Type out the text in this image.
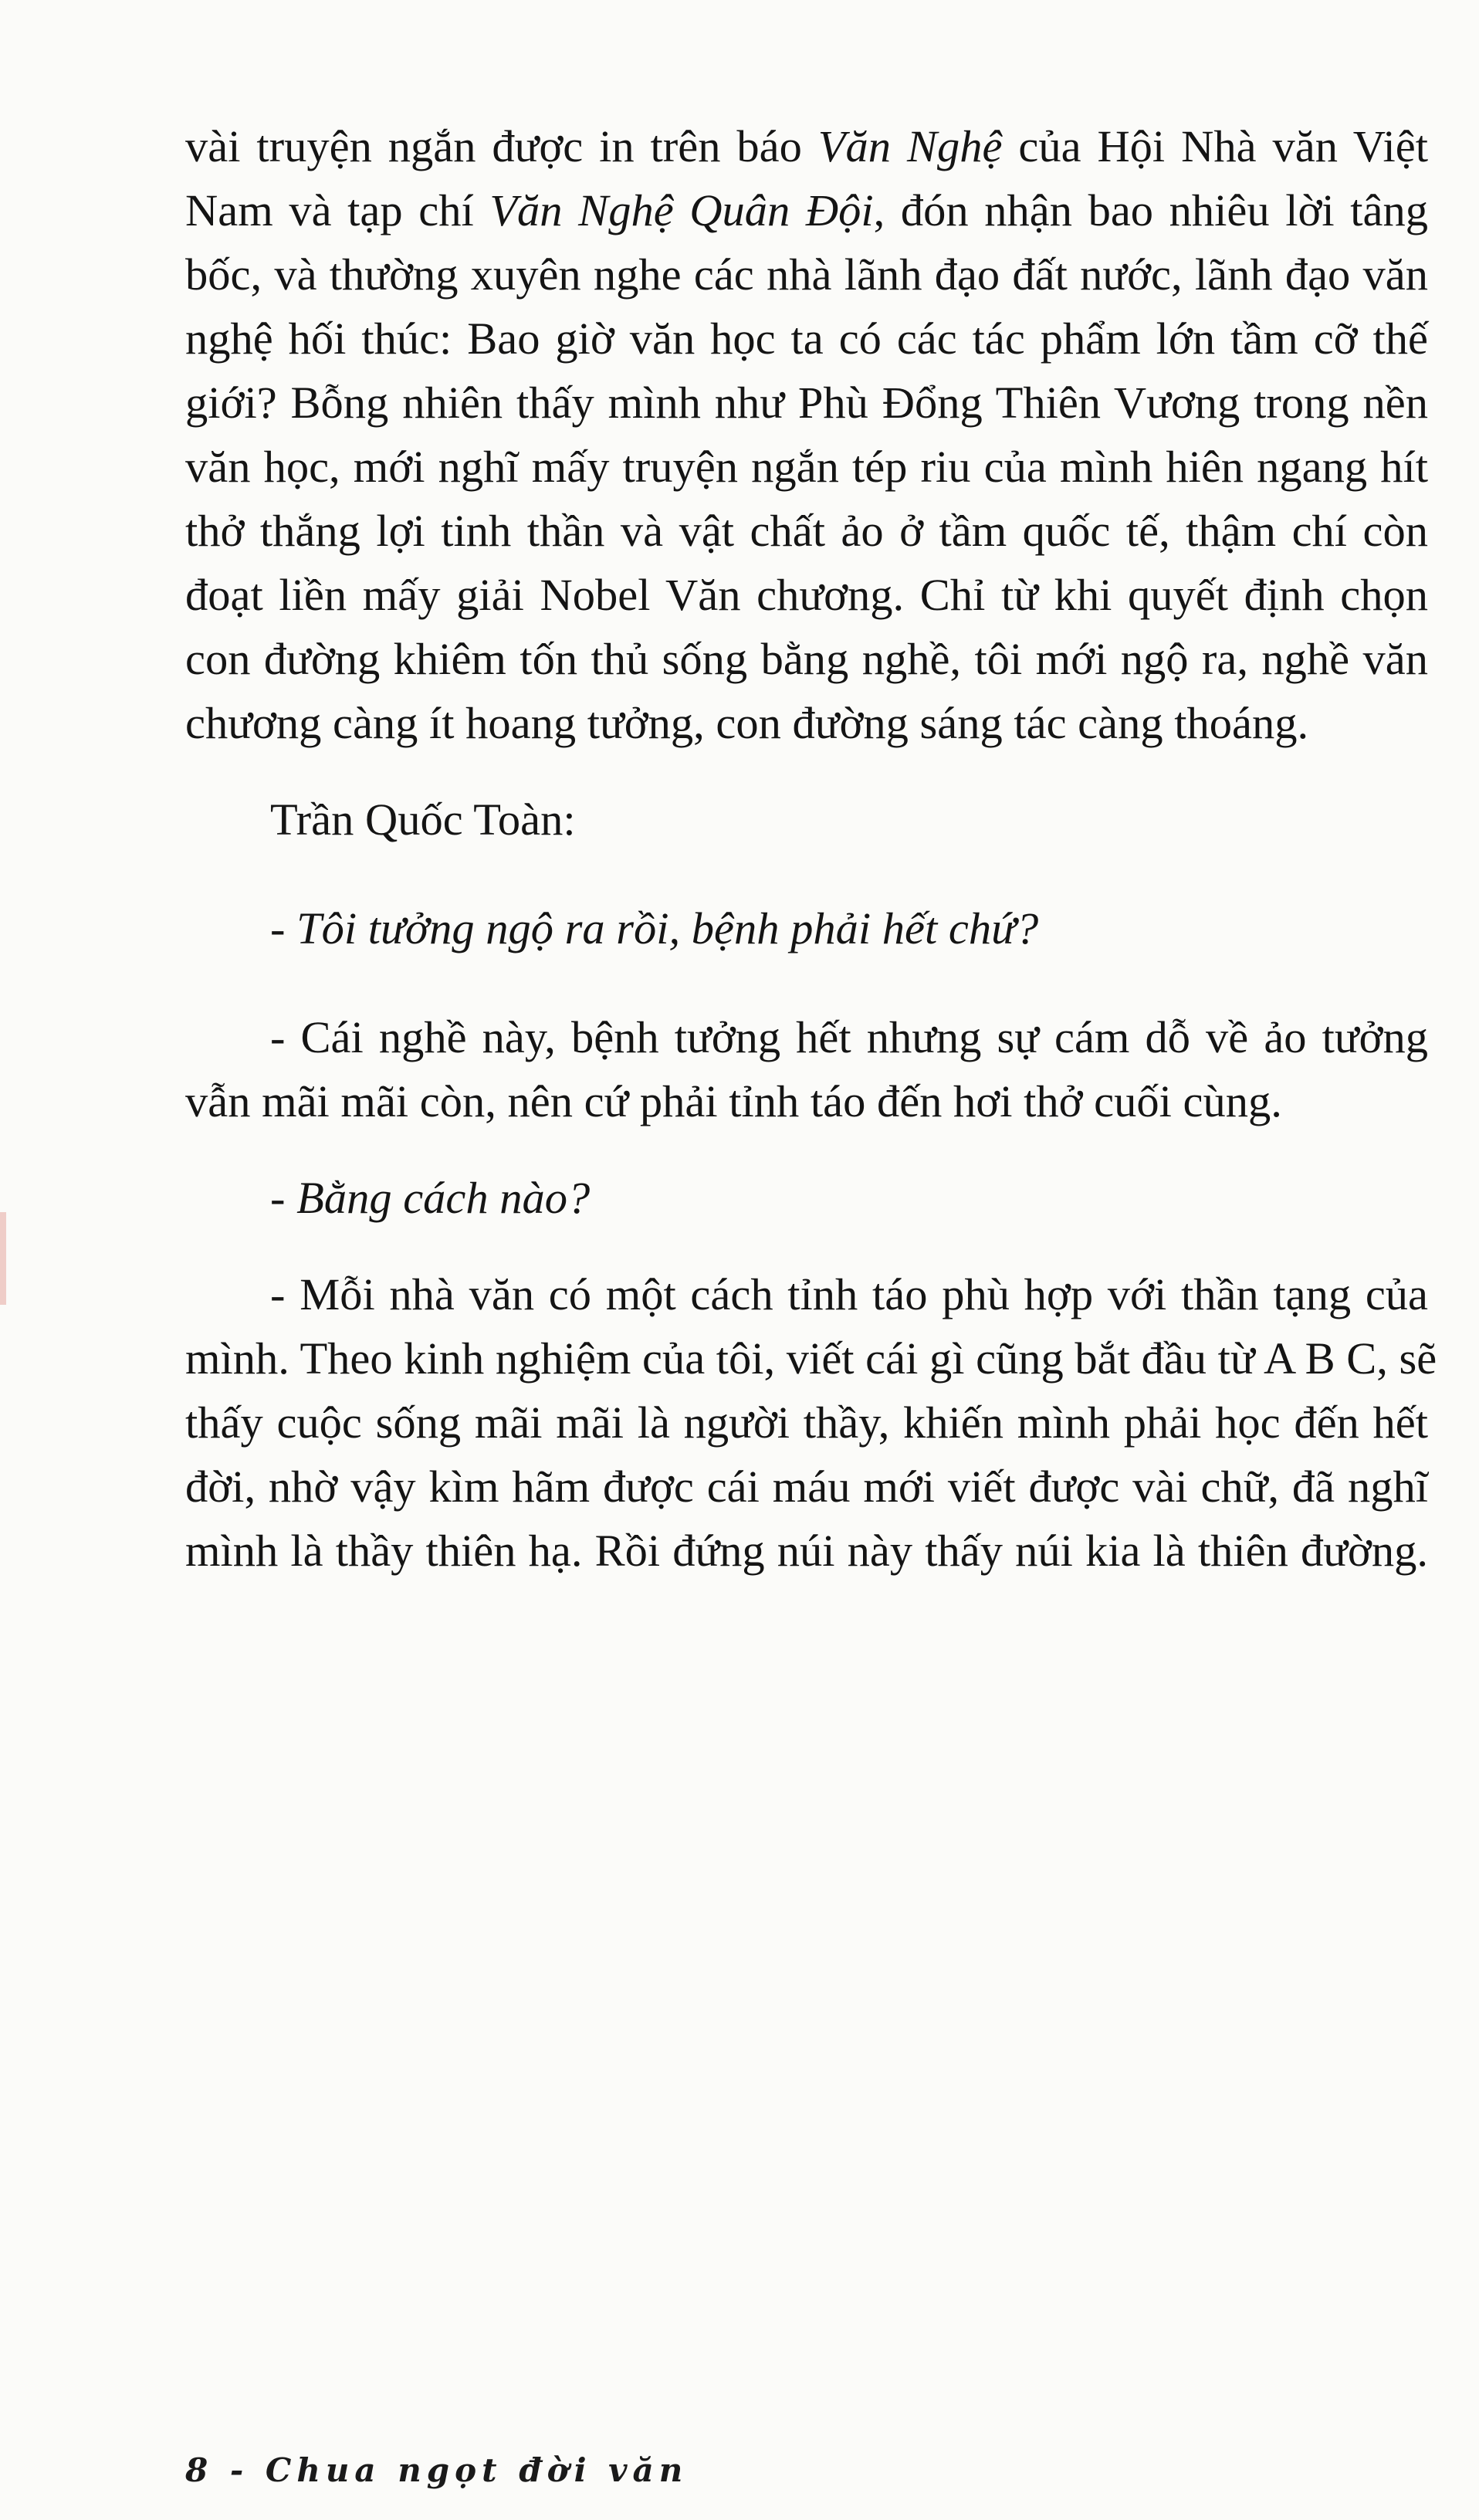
vài truyện ngắn được in trên báo Văn Nghệ của Hội Nhà văn Việt
Nam và tạp chí Văn Nghệ Quân Đội, đón nhận bao nhiêu lời tâng
bốc, và thường xuyên nghe các nhà lãnh đạo đất nước, lãnh đạo văn
nghệ hối thúc: Bao giờ văn học ta có các tác phẩm lớn tầm cỡ thế
giới? Bỗng nhiên thấy mình như Phù Đổng Thiên Vương trong nền
văn học, mới nghĩ mấy truyện ngắn tép riu của mình hiên ngang hít
thở thắng lợi tinh thần và vật chất ảo ở tầm quốc tế, thậm chí còn
đoạt liền mấy giải Nobel Văn chương. Chỉ từ khi quyết định chọn
con đường khiêm tốn thủ sống bằng nghề, tôi mới ngộ ra, nghề văn
chương càng ít hoang tưởng, con đường sáng tác càng thoáng.
Trần Quốc Toàn:
- Tôi tưởng ngộ ra rồi, bệnh phải hết chứ?
- Cái nghề này, bệnh tưởng hết nhưng sự cám dỗ về ảo tưởng
vẫn mãi mãi còn, nên cứ phải tỉnh táo đến hơi thở cuối cùng.
- Bằng cách nào?
- Mỗi nhà văn có một cách tỉnh táo phù hợp với thần tạng của
mình. Theo kinh nghiệm của tôi, viết cái gì cũng bắt đầu từ A B C, sẽ
thấy cuộc sống mãi mãi là người thầy, khiến mình phải học đến hết
đời, nhờ vậy kìm hãm được cái máu mới viết được vài chữ, đã nghĩ
mình là thầy thiên hạ. Rồi đứng núi này thấy núi kia là thiên đường.
8 - Chua ngọt đời văn
